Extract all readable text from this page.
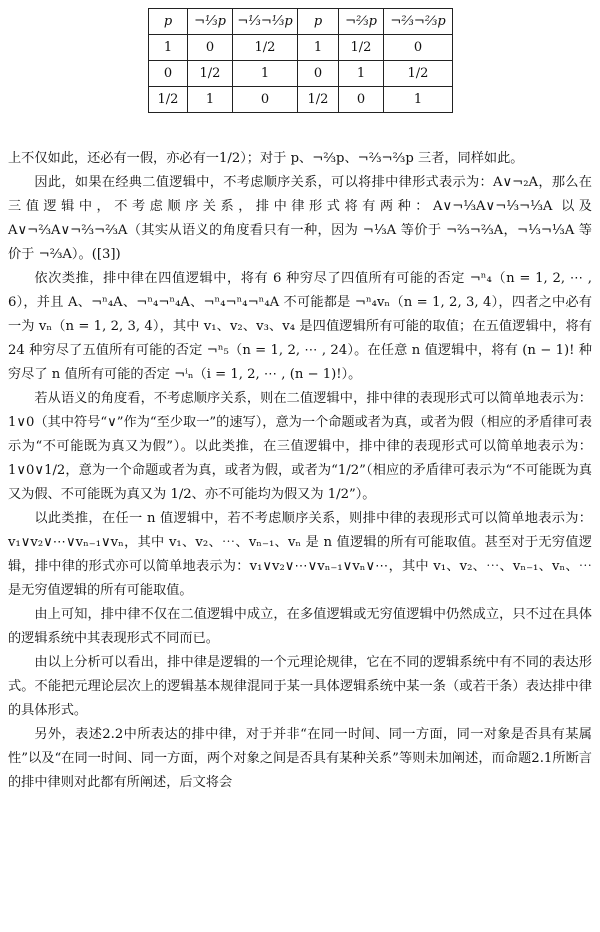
p	¬⅓p	¬⅓¬⅓p	p	¬⅔p	¬⅔¬⅔p
1	0	1/2	1	1/2	0
0	1/2	1	0	1	1/2
1/2	1	0	1/2	0	1

上不仅如此，还必有一假，亦必有一1/2）；对于 p、¬⅔p、¬⅔¬⅔p 三者，同样如此。

因此，如果在经典二值逻辑中，不考虑顺序关系，可以将排中律形式表示为：A∨¬₂A，那么在三值逻辑中，不考虑顺序关系，排中律形式将有两种：A∨¬⅓A∨¬⅓¬⅓A 以及 A∨¬⅔A∨¬⅔¬⅔A（其实从语义的角度看只有一种，因为 ¬⅓A 等价于 ¬⅔¬⅔A，¬⅓¬⅓A 等价于 ¬⅔A）。([3])

依次类推，排中律在四值逻辑中，将有 6 种穷尽了四值所有可能的否定 ¬ⁿ₄（n = 1, 2, ⋯ , 6），并且 A、¬ⁿ₄A、¬ⁿ₄¬ⁿ₄A、¬ⁿ₄¬ⁿ₄¬ⁿ₄A 不可能都是 ¬ⁿ₄vₙ（n = 1, 2, 3, 4），四者之中必有一为 vₙ（n = 1, 2, 3, 4），其中 v₁、v₂、v₃、v₄ 是四值逻辑所有可能的取值；在五值逻辑中，将有 24 种穷尽了五值所有可能的否定 ¬ⁿ₅（n = 1, 2, ⋯ , 24）。在任意 n 值逻辑中，将有 (n − 1)! 种穷尽了 n 值所有可能的否定 ¬ⁱₙ（i = 1, 2, ⋯ , (n − 1)!）。

若从语义的角度看，不考虑顺序关系，则在二值逻辑中，排中律的表现形式可以简单地表示为：1∨0（其中符号“∨”作为“至少取一”的速写），意为一个命题或者为真，或者为假（相应的矛盾律可表示为“不可能既为真又为假”）。以此类推，在三值逻辑中，排中律的表现形式可以简单地表示为：1∨0∨1/2，意为一个命题或者为真，或者为假，或者为“1/2”（相应的矛盾律可表示为“不可能既为真又为假、不可能既为真又为 1/2、亦不可能均为假又为 1/2”）。

以此类推，在任一 n 值逻辑中，若不考虑顺序关系，则排中律的表现形式可以简单地表示为：v₁∨v₂∨⋯∨vₙ₋₁∨vₙ，其中 v₁、v₂、⋯、vₙ₋₁、vₙ 是 n 值逻辑的所有可能取值。甚至对于无穷值逻辑，排中律的形式亦可以简单地表示为：v₁∨v₂∨⋯∨vₙ₋₁∨vₙ∨⋯，其中 v₁、v₂、⋯、vₙ₋₁、vₙ、⋯ 是无穷值逻辑的所有可能取值。

由上可知，排中律不仅在二值逻辑中成立，在多值逻辑或无穷值逻辑中仍然成立，只不过在具体的逻辑系统中其表现形式不同而已。

由以上分析可以看出，排中律是逻辑的一个元理论规律，它在不同的逻辑系统中有不同的表达形式。不能把元理论层次上的逻辑基本规律混同于某一具体逻辑系统中某一条（或若干条）表达排中律的具体形式。

另外，表述2.2中所表达的排中律，对于并非“在同一时间、同一方面，同一对象是否具有某属性”以及“在同一时间、同一方面，两个对象之间是否具有某种关系”等则未加阐述，而命题2.1所断言的排中律则对此都有所阐述，后文将会
